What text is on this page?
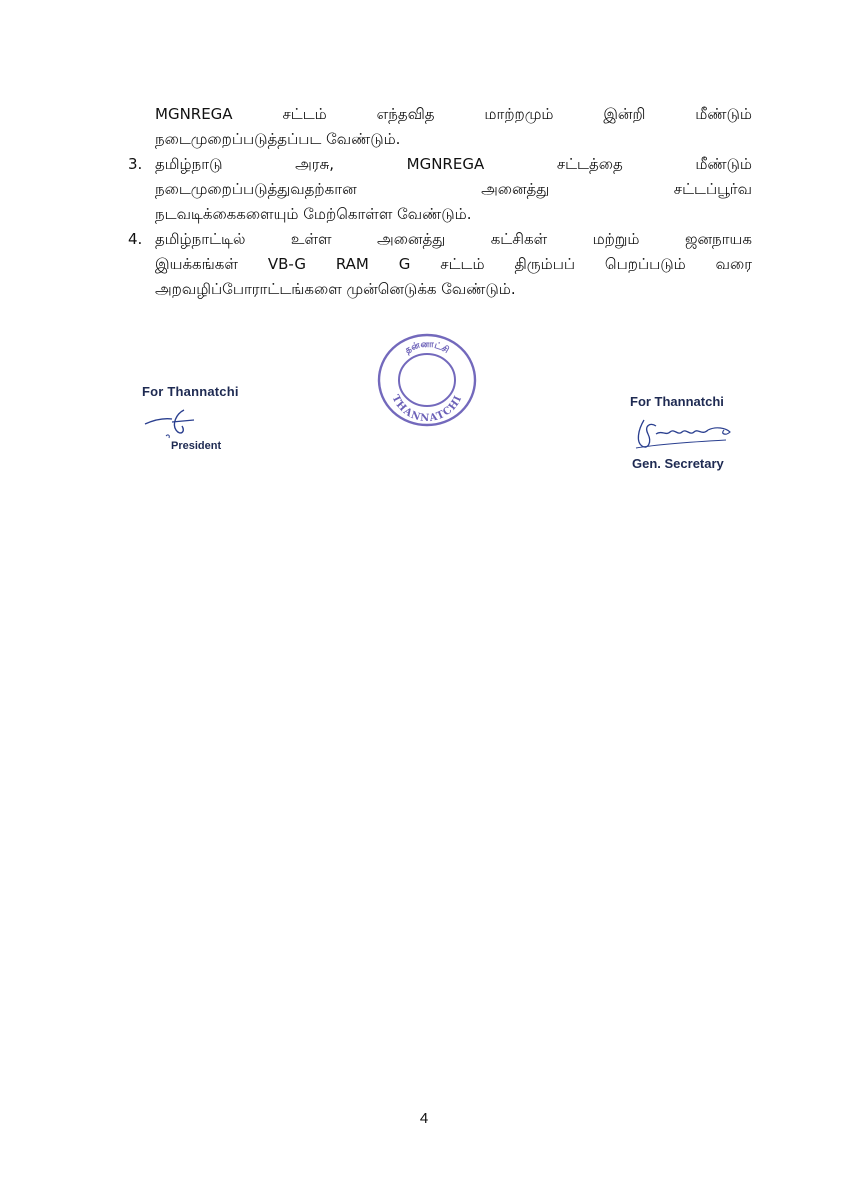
MGNREGA	சட்டம்	எந்தவித	மாற்றமும்	இன்றி	மீண்டும்
நடைமுறைப்படுத்தப்பட வேண்டும்.
3. தமிழ்நாடு	அரசு,	MGNREGA	சட்டத்தை	மீண்டும்
நடைமுறைப்படுத்துவதற்கான	அனைத்து	சட்டப்பூர்வ
நடவடிக்கைகளையும் மேற்கொள்ள வேண்டும்.
4. தமிழ்நாட்டில்	உள்ள	அனைத்து	கட்சிகள்	மற்றும்	ஜனநாயக
இயக்கங்கள் VB-G RAM G சட்டம் திரும்பப் பெறப்படும் வரை
அறவழிப்போராட்டங்களை முன்னெடுக்க வேண்டும்.
For Thannatchi
President
தன்னாட்சி
THANNATCHI	For Thannatchi
Gen. Secretary
4
